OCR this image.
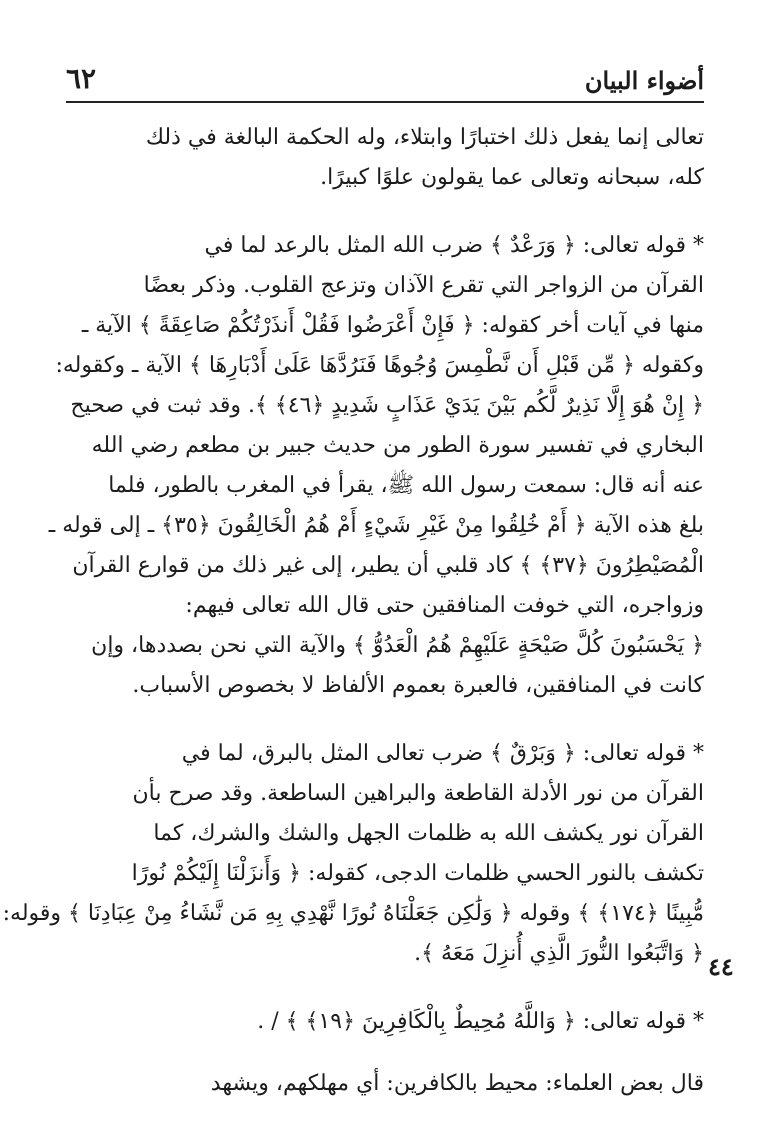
أضواء البيان
٦٢
تعالى إنما يفعل ذلك اختبارًا وابتلاء، وله الحكمة البالغة في ذلك
كله، سبحانه وتعالى عما يقولون علوًا كبيرًا.
* قوله تعالى: ﴿ وَرَعْدٌ ﴾ ضرب الله المثل بالرعد لما في
القرآن من الزواجر التي تقرع الآذان وتزعج القلوب. وذكر بعضًا
منها في آيات أخر كقوله: ﴿ فَإِنْ أَعْرَضُوا فَقُلْ أَنذَرْتُكُمْ صَاعِقَةً ﴾ الآية ـ
وكقوله ﴿ مِّن قَبْلِ أَن نَّطْمِسَ وُجُوهًا فَنَرُدَّهَا عَلَىٰ أَدْبَارِهَا ﴾ الآية ـ وكقوله:
﴿ إِنْ هُوَ إِلَّا نَذِيرٌ لَّكُم بَيْنَ يَدَيْ عَذَابٍ شَدِيدٍ ﴿٤٦﴾ ﴾. وقد ثبت في صحيح
البخاري في تفسير سورة الطور من حديث جبير بن مطعم رضي الله
عنه أنه قال: سمعت رسول الله ﷺ، يقرأ في المغرب بالطور، فلما
بلغ هذه الآية ﴿ أَمْ خُلِقُوا مِنْ غَيْرِ شَيْءٍ أَمْ هُمُ الْخَالِقُونَ ﴿٣٥﴾ ـ إلى قوله ـ
الْمُصَيْطِرُونَ ﴿٣٧﴾ ﴾ كاد قلبي أن يطير، إلى غير ذلك من قوارع القرآن
وزواجره، التي خوفت المنافقين حتى قال الله تعالى فيهم:
﴿ يَحْسَبُونَ كُلَّ صَيْحَةٍ عَلَيْهِمْ هُمُ الْعَدُوُّ ﴾ والآية التي نحن بصددها، وإن
كانت في المنافقين، فالعبرة بعموم الألفاظ لا بخصوص الأسباب.
* قوله تعالى: ﴿ وَبَرْقٌ ﴾ ضرب تعالى المثل بالبرق، لما في
القرآن من نور الأدلة القاطعة والبراهين الساطعة. وقد صرح بأن
القرآن نور يكشف الله به ظلمات الجهل والشك والشرك، كما
تكشف بالنور الحسي ظلمات الدجى، كقوله: ﴿ وَأَنزَلْنَا إِلَيْكُمْ نُورًا
مُّبِينًا ﴿١٧٤﴾ ﴾ وقوله ﴿ وَلَٰكِن جَعَلْنَاهُ نُورًا نَّهْدِي بِهِ مَن نَّشَاءُ مِنْ عِبَادِنَا ﴾ وقوله:
﴿ وَاتَّبَعُوا النُّورَ الَّذِي أُنزِلَ مَعَهُ ﴾.
* قوله تعالى: ﴿ وَاللَّهُ مُحِيطٌ بِالْكَافِرِينَ ﴿١٩﴾ ﴾ / .
قال بعض العلماء: محيط بالكافرين: أي مهلكهم، ويشهد
٤٤
